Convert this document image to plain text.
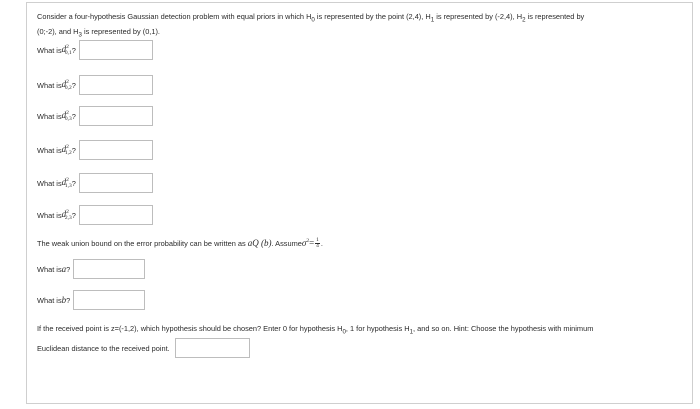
Consider a four-hypothesis Gaussian detection problem with equal priors in which $H_0$ is represented by the point (2,4), $H_1$ is represented by (-2,4), $H_2$ is represented by
(0;-2), and $H_3$ is represented by (0,1).
What is $d^2_{0,1}$ ?
What is $d^2_{0,2}$ ?
What is $d^2_{0,3}$ ?
What is $d^2_{1,2}$ ?
What is $d^2_{1,3}$ ?
What is $d^2_{2,3}$ ?
The weak union bound on the error probability can be written as aQ (b) . Assume $\sigma^2 = \frac{1}{4}$ .
What is a ?
What is b ?
If the received point is z=(-1,2), which hypothesis should be chosen? Enter 0 for hypothesis $H_0$, 1 for hypothesis $H_1$, and so on. Hint: Choose the hypothesis with minimum
Euclidean distance to the received point.
